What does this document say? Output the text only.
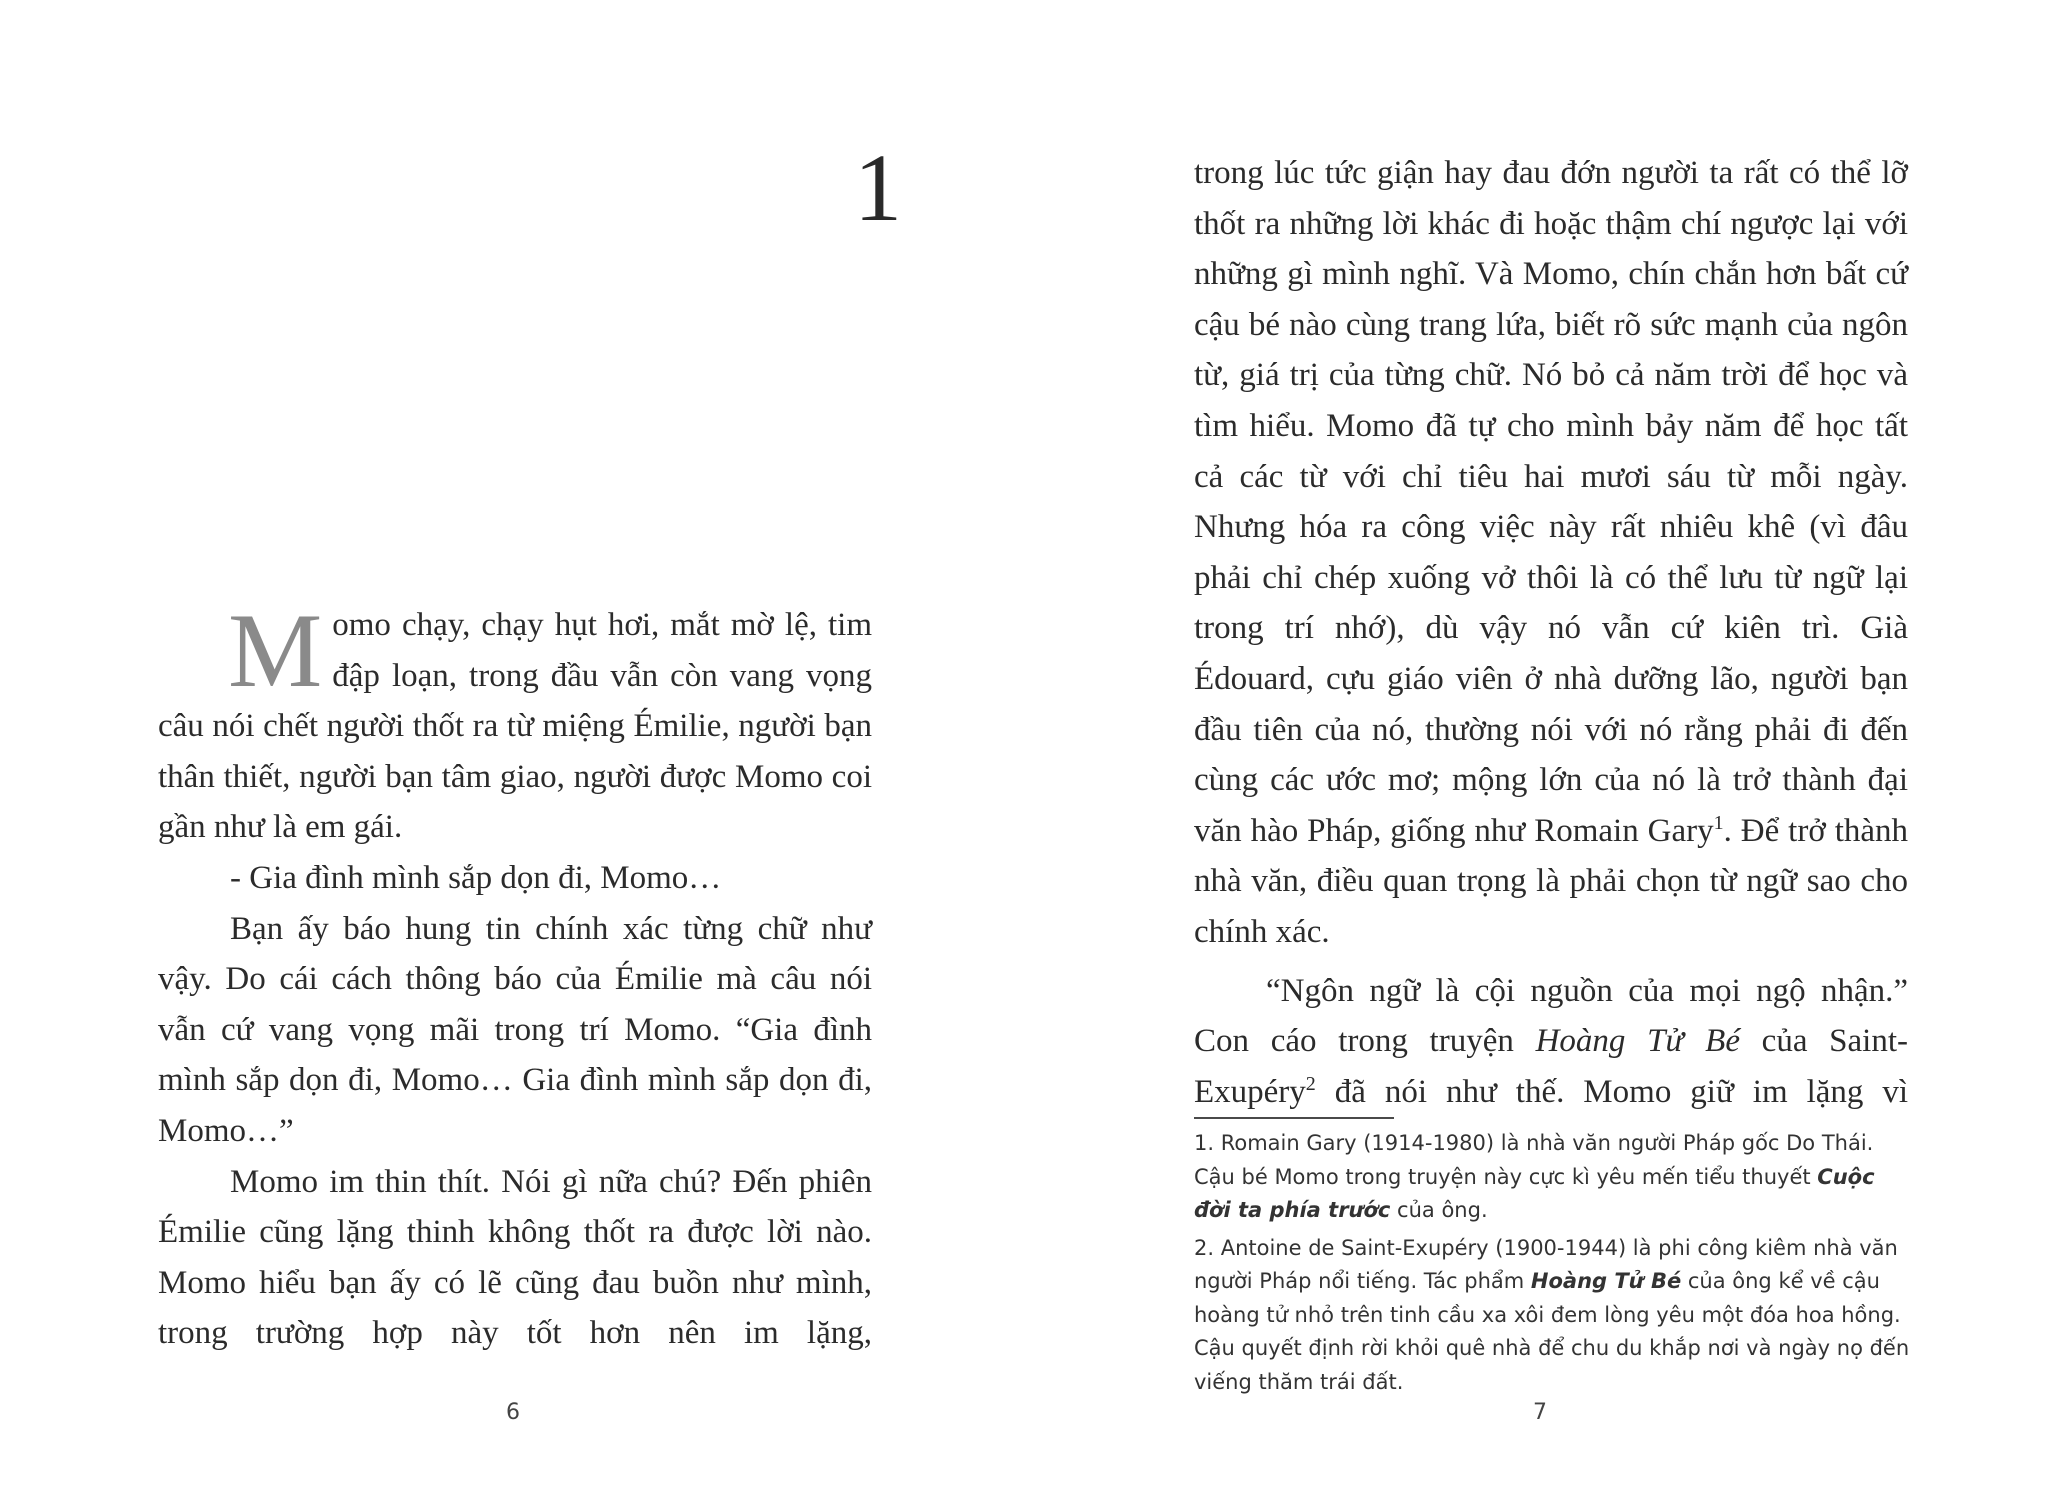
1

Momo chạy, chạy hụt hơi, mắt mờ lệ, tim đập loạn, trong đầu vẫn còn vang vọng câu nói chết người thốt ra từ miệng Émilie, người bạn thân thiết, người bạn tâm giao, người được Momo coi gần như là em gái.

- Gia đình mình sắp dọn đi, Momo…

Bạn ấy báo hung tin chính xác từng chữ như vậy. Do cái cách thông báo của Émilie mà câu nói vẫn cứ vang vọng mãi trong trí Momo. “Gia đình mình sắp dọn đi, Momo… Gia đình mình sắp dọn đi, Momo…”

Momo im thin thít. Nói gì nữa chú? Đến phiên Émilie cũng lặng thinh không thốt ra được lời nào. Momo hiểu bạn ấy có lẽ cũng đau buồn như mình, trong trường hợp này tốt hơn nên im lặng,

6

trong lúc tức giận hay đau đớn người ta rất có thể lỡ thốt ra những lời khác đi hoặc thậm chí ngược lại với những gì mình nghĩ. Và Momo, chín chắn hơn bất cứ cậu bé nào cùng trang lứa, biết rõ sức mạnh của ngôn từ, giá trị của từng chữ. Nó bỏ cả năm trời để học và tìm hiểu. Momo đã tự cho mình bảy năm để học tất cả các từ với chỉ tiêu hai mươi sáu từ mỗi ngày. Nhưng hóa ra công việc này rất nhiêu khê (vì đâu phải chỉ chép xuống vở thôi là có thể lưu từ ngữ lại trong trí nhớ), dù vậy nó vẫn cứ kiên trì. Già Édouard, cựu giáo viên ở nhà dưỡng lão, người bạn đầu tiên của nó, thường nói với nó rằng phải đi đến cùng các ước mơ; mộng lớn của nó là trở thành đại văn hào Pháp, giống như Romain Gary$^1$. Để trở thành nhà văn, điều quan trọng là phải chọn từ ngữ sao cho chính xác.

“Ngôn ngữ là cội nguồn của mọi ngộ nhận.” Con cáo trong truyện Hoàng Tử Bé của Saint-Exupéry$^2$ đã nói như thế. Momo giữ im lặng vì

1. Romain Gary (1914-1980) là nhà văn người Pháp gốc Do Thái. Cậu bé Momo trong truyện này cực kì yêu mến tiểu thuyết Cuộc đời ta phía trước của ông.

2. Antoine de Saint-Exupéry (1900-1944) là phi công kiêm nhà văn người Pháp nổi tiếng. Tác phẩm Hoàng Tử Bé của ông kể về cậu hoàng tử nhỏ trên tinh cầu xa xôi đem lòng yêu một đóa hoa hồng. Cậu quyết định rời khỏi quê nhà để chu du khắp nơi và ngày nọ đến viếng thăm trái đất.

7
